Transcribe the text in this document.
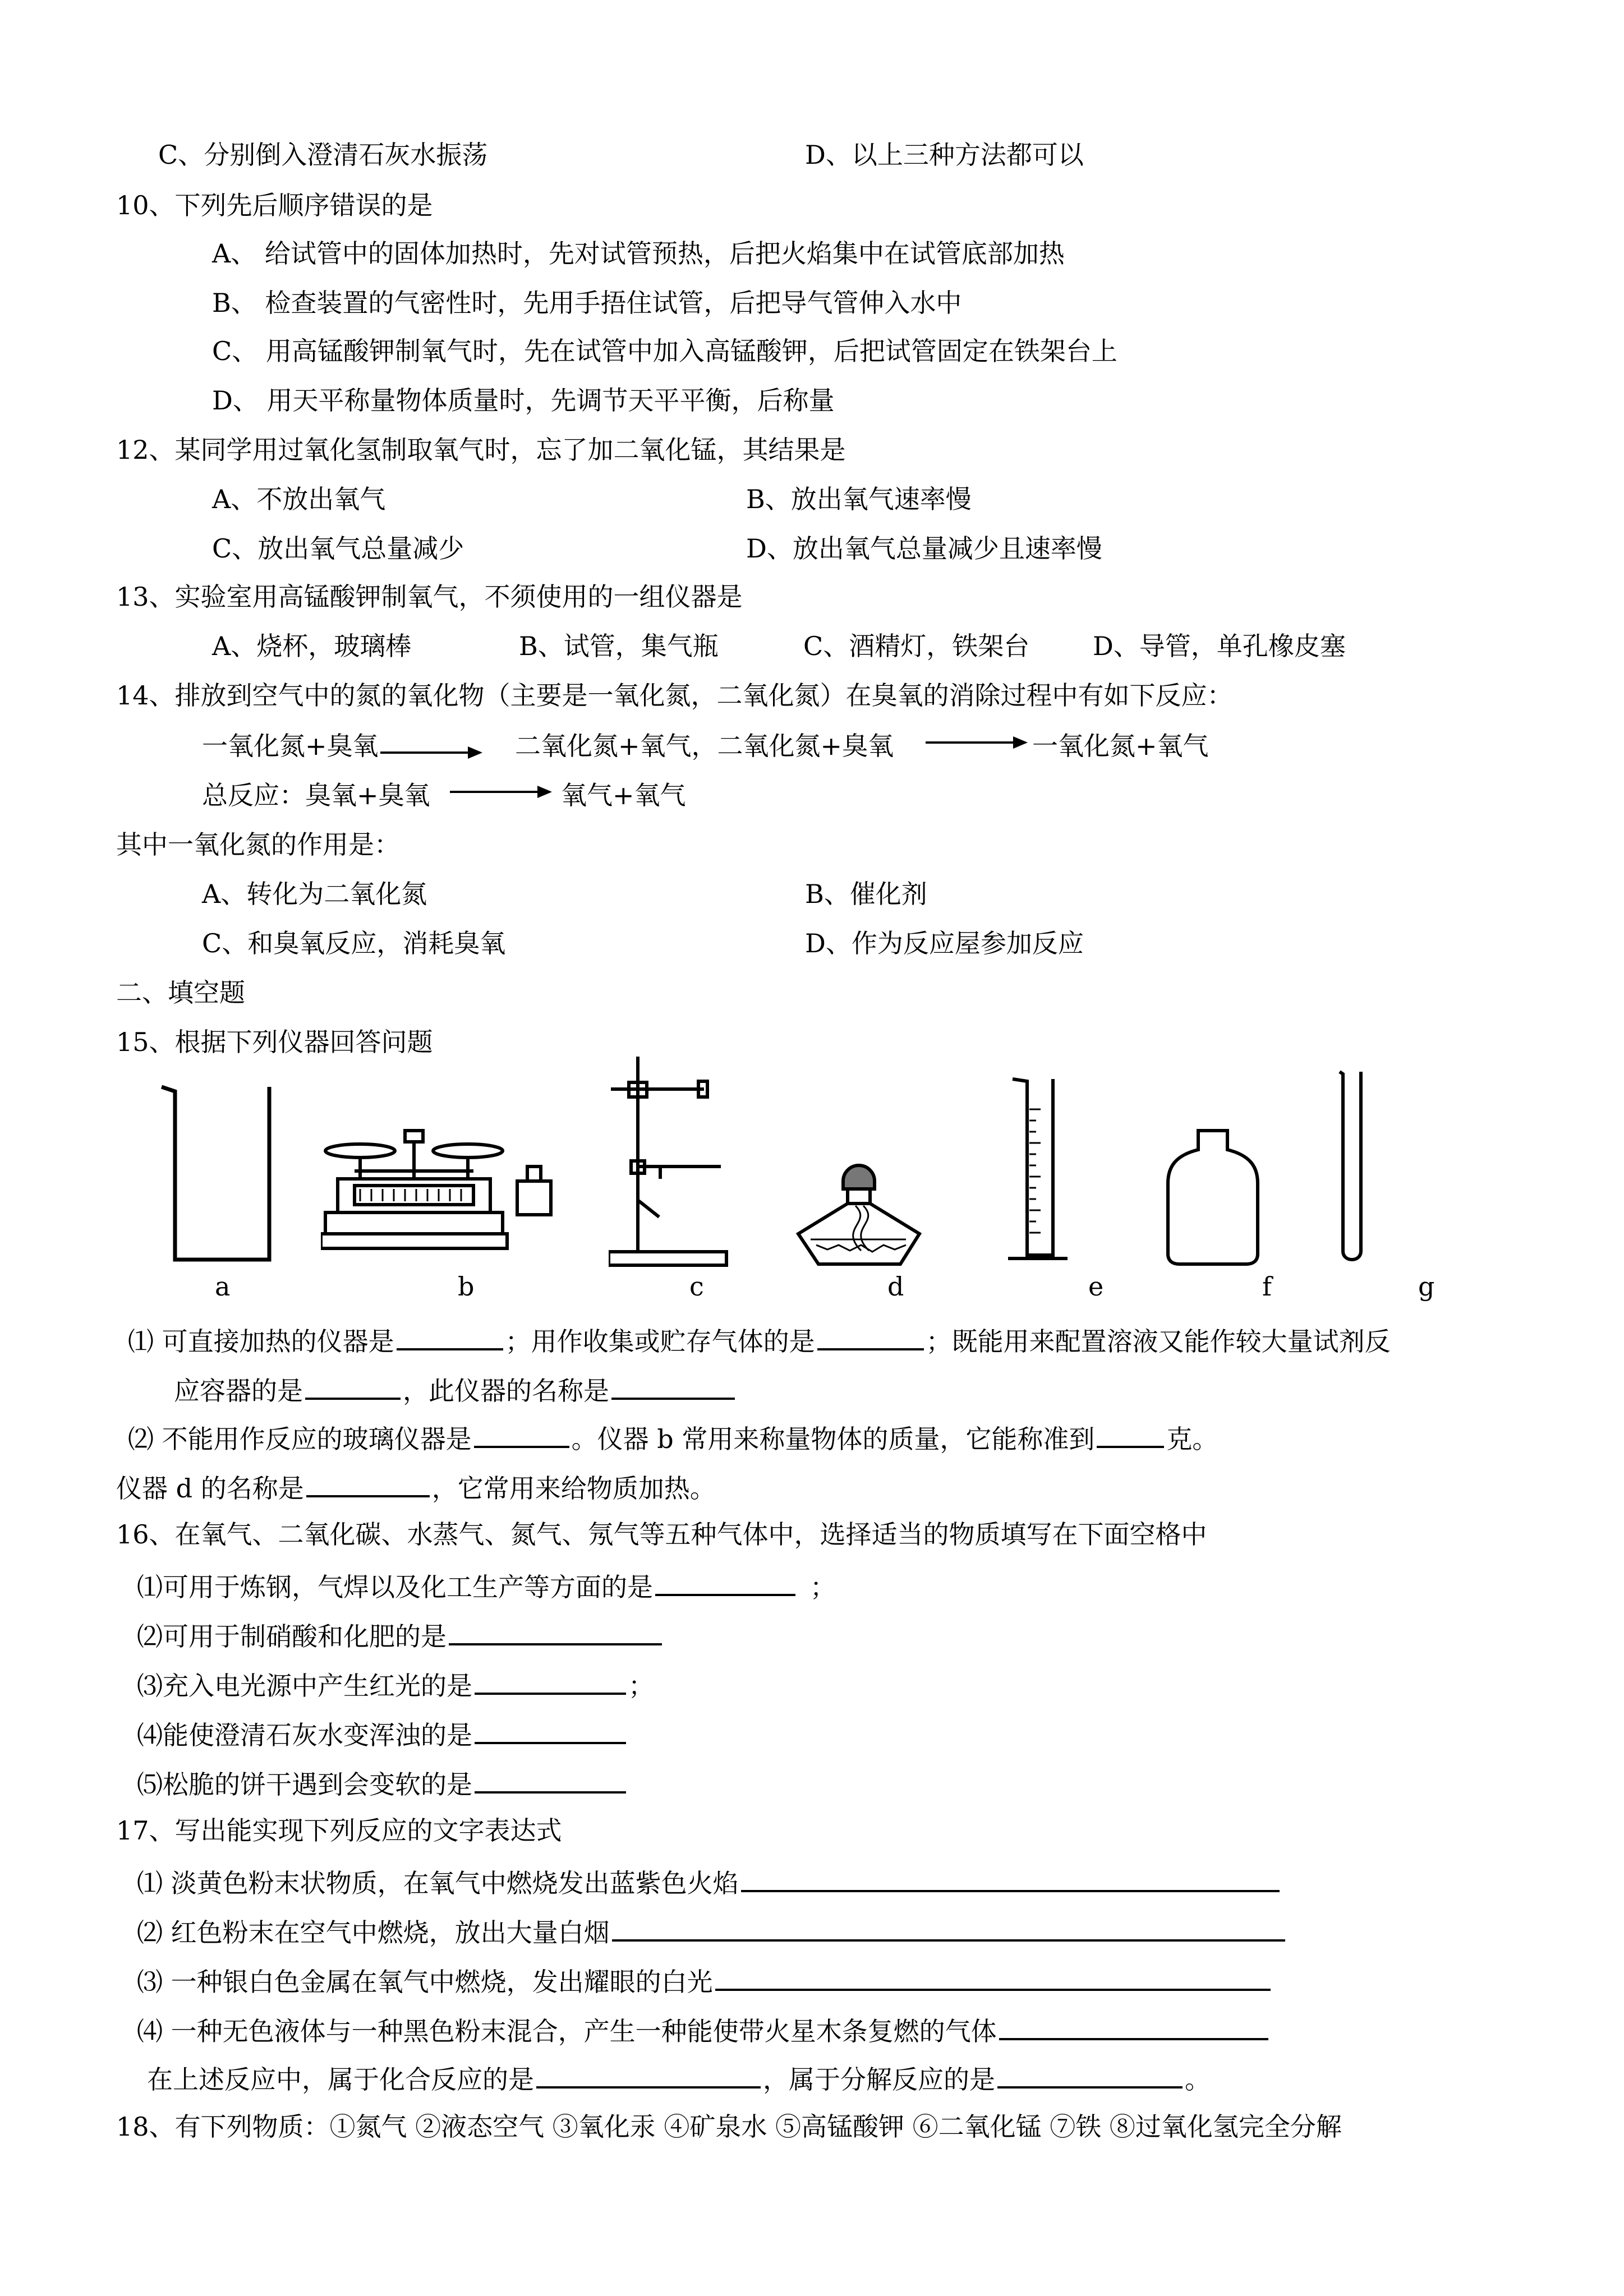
C、分别倒入澄清石灰水振荡	D、以上三种方法都可以
10、下列先后顺序错误的是
A、 给试管中的固体加热时，先对试管预热，后把火焰集中在试管底部加热
B、 检查装置的气密性时，先用手捂住试管，后把导气管伸入水中
C、 用高锰酸钾制氧气时，先在试管中加入高锰酸钾，后把试管固定在铁架台上
D、 用天平称量物体质量时，先调节天平平衡，后称量
12、某同学用过氧化氢制取氧气时，忘了加二氧化锰，其结果是
A、不放出氧气	B、放出氧气速率慢
C、放出氧气总量减少	D、放出氧气总量减少且速率慢
13、实验室用高锰酸钾制氧气，不须使用的一组仪器是
A、烧杯，玻璃棒	B、试管，集气瓶	C、酒精灯，铁架台 D、导管，单孔橡皮塞
14、排放到空气中的氮的氧化物（主要是一氧化氮，二氧化氮）在臭氧的消除过程中有如下反应：
一氧化氮+臭氧	二氧化氮+氧气，二氧化氮+臭氧	一氧化氮+氧气
总反应：臭氧+臭氧	氧气+氧气
其中一氧化氮的作用是：
A、转化为二氧化氮	B、催化剂
C、和臭氧反应，消耗臭氧	D、作为反应屋参加反应
二、填空题
15、根据下列仪器回答问题
a	b	c	d	e	f	g
⑴ 可直接加热的仪器是	；用作收集或贮存气体的是	；既能用来配置溶液又能作较大量试剂反
应容器的是	，此仪器的名称是
⑵ 不能用作反应的玻璃仪器是	。仪器 b 常用来称量物体的质量，它能称准到	克。
仪器 d 的名称是	，它常用来给物质加热。
16、在氧气、二氧化碳、水蒸气、氮气、氖气等五种气体中，选择适当的物质填写在下面空格中
⑴可用于炼钢，气焊以及化工生产等方面的是	；
⑵可用于制硝酸和化肥的是
⑶充入电光源中产生红光的是	；
⑷能使澄清石灰水变浑浊的是
⑸松脆的饼干遇到会变软的是
17、写出能实现下列反应的文字表达式
⑴ 淡黄色粉末状物质，在氧气中燃烧发出蓝紫色火焰
⑵ 红色粉末在空气中燃烧，放出大量白烟
⑶ 一种银白色金属在氧气中燃烧，发出耀眼的白光
⑷ 一种无色液体与一种黑色粉末混合，产生一种能使带火星木条复燃的气体
在上述反应中，属于化合反应的是	，属于分解反应的是	。
18、有下列物质：①氮气 ②液态空气 ③氧化汞 ④矿泉水 ⑤高锰酸钾 ⑥二氧化锰 ⑦铁 ⑧过氧化氢完全分解
